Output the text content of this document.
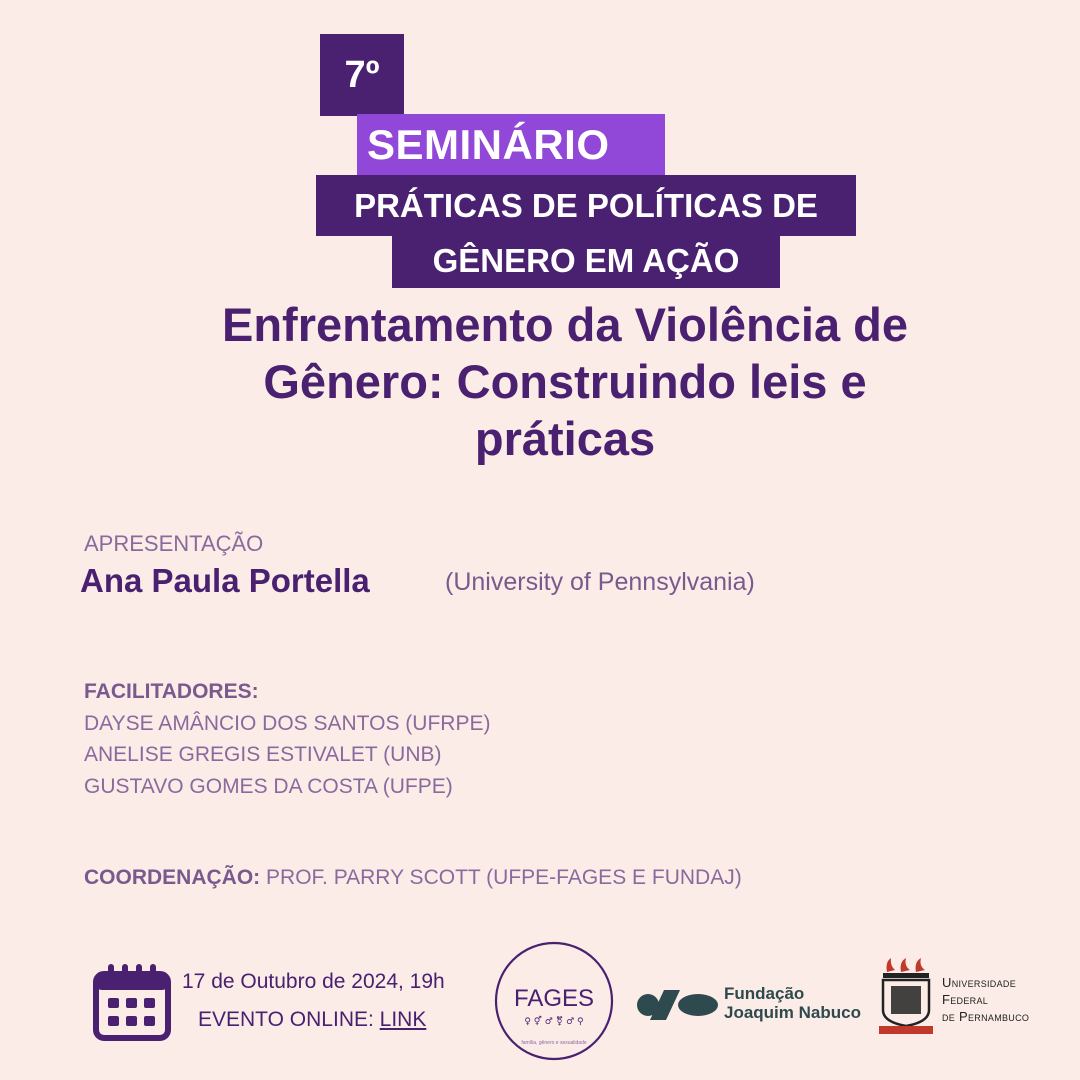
7º
SEMINÁRIO
PRÁTICAS DE POLÍTICAS DE
GÊNERO EM AÇÃO
Enfrentamento da Violência de
Gênero: Construindo leis e
práticas
APRESENTAÇÃO
Ana Paula Portella	(University of Pennsylvania)
FACILITADORES:
DAYSE AMÂNCIO DOS SANTOS (UFRPE)
ANELISE GREGIS ESTIVALET (UNB)
GUSTAVO GOMES DA COSTA (UFPE)
COORDENAÇÃO: PROF. PARRY SCOTT (UFPE-FAGES E FUNDAJ)
17 de Outubro de 2024, 19h
EVENTO ONLINE: LINK
FAGES
♀ ⚥ ♂ ⚧ ♂ ⚲
família, gênero e sexualidade
Fundação
Joaquim Nabuco
Universidade
Federal
de Pernambuco
